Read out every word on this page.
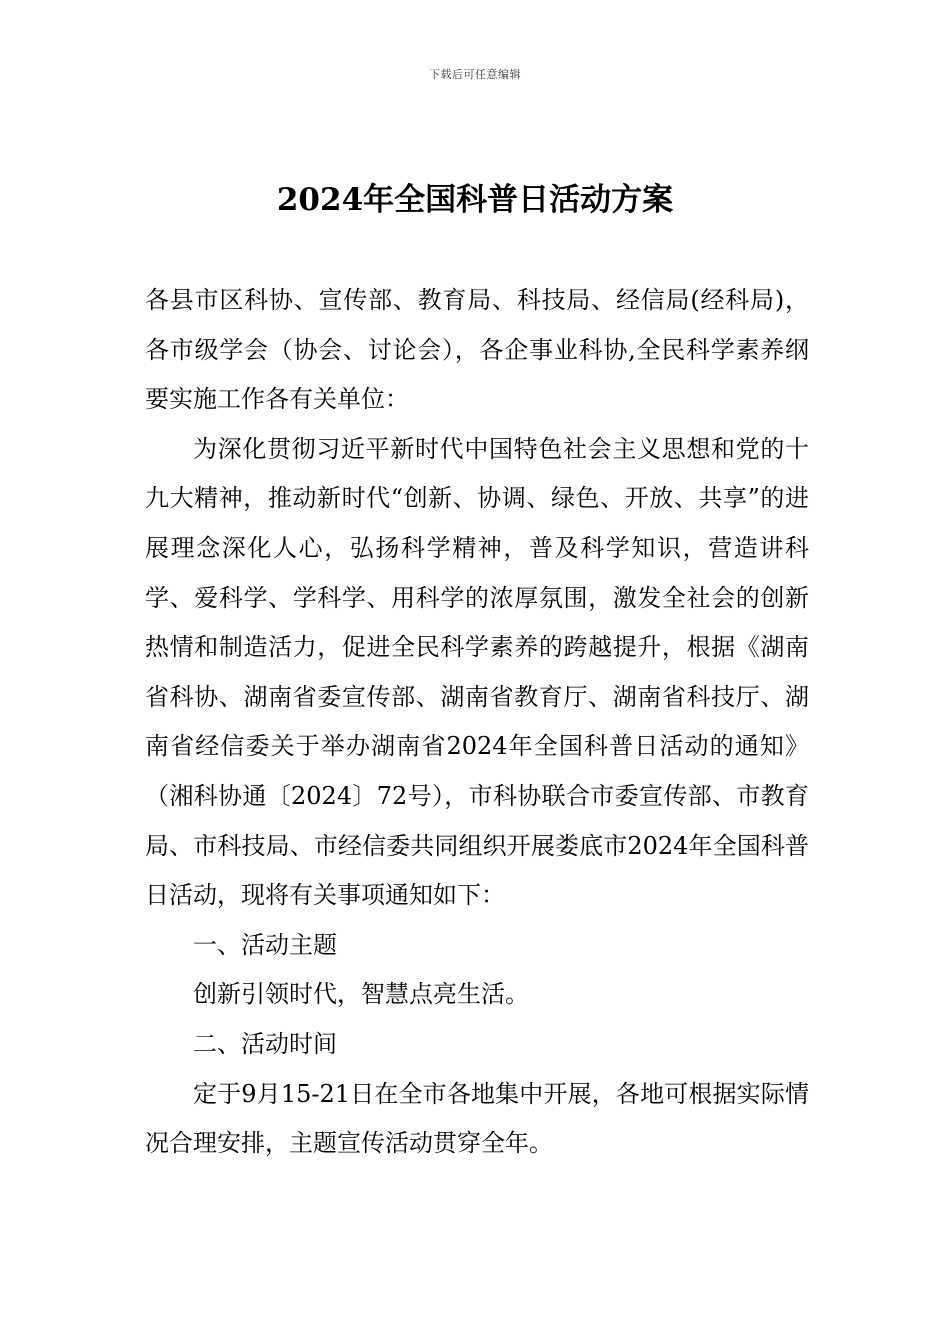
下载后可任意编辑
2024年全国科普日活动方案

各县市区科协、宣传部、教育局、科技局、经信局(经科局)，各市级学会（协会、讨论会），各企事业科协,全民科学素养纲要实施工作各有关单位：

为深化贯彻习近平新时代中国特色社会主义思想和党的十九大精神，推动新时代“创新、协调、绿色、开放、共享”的进展理念深化人心，弘扬科学精神，普及科学知识，营造讲科学、爱科学、学科学、用科学的浓厚氛围，激发全社会的创新热情和制造活力，促进全民科学素养的跨越提升，根据《湖南省科协、湖南省委宣传部、湖南省教育厅、湖南省科技厅、湖南省经信委关于举办湖南省2024年全国科普日活动的通知》（湘科协通〔2024〕72号），市科协联合市委宣传部、市教育局、市科技局、市经信委共同组织开展娄底市2024年全国科普日活动，现将有关事项通知如下：

一、活动主题

创新引领时代，智慧点亮生活。

二、活动时间

定于9月15-21日在全市各地集中开展，各地可根据实际情况合理安排，主题宣传活动贯穿全年。
